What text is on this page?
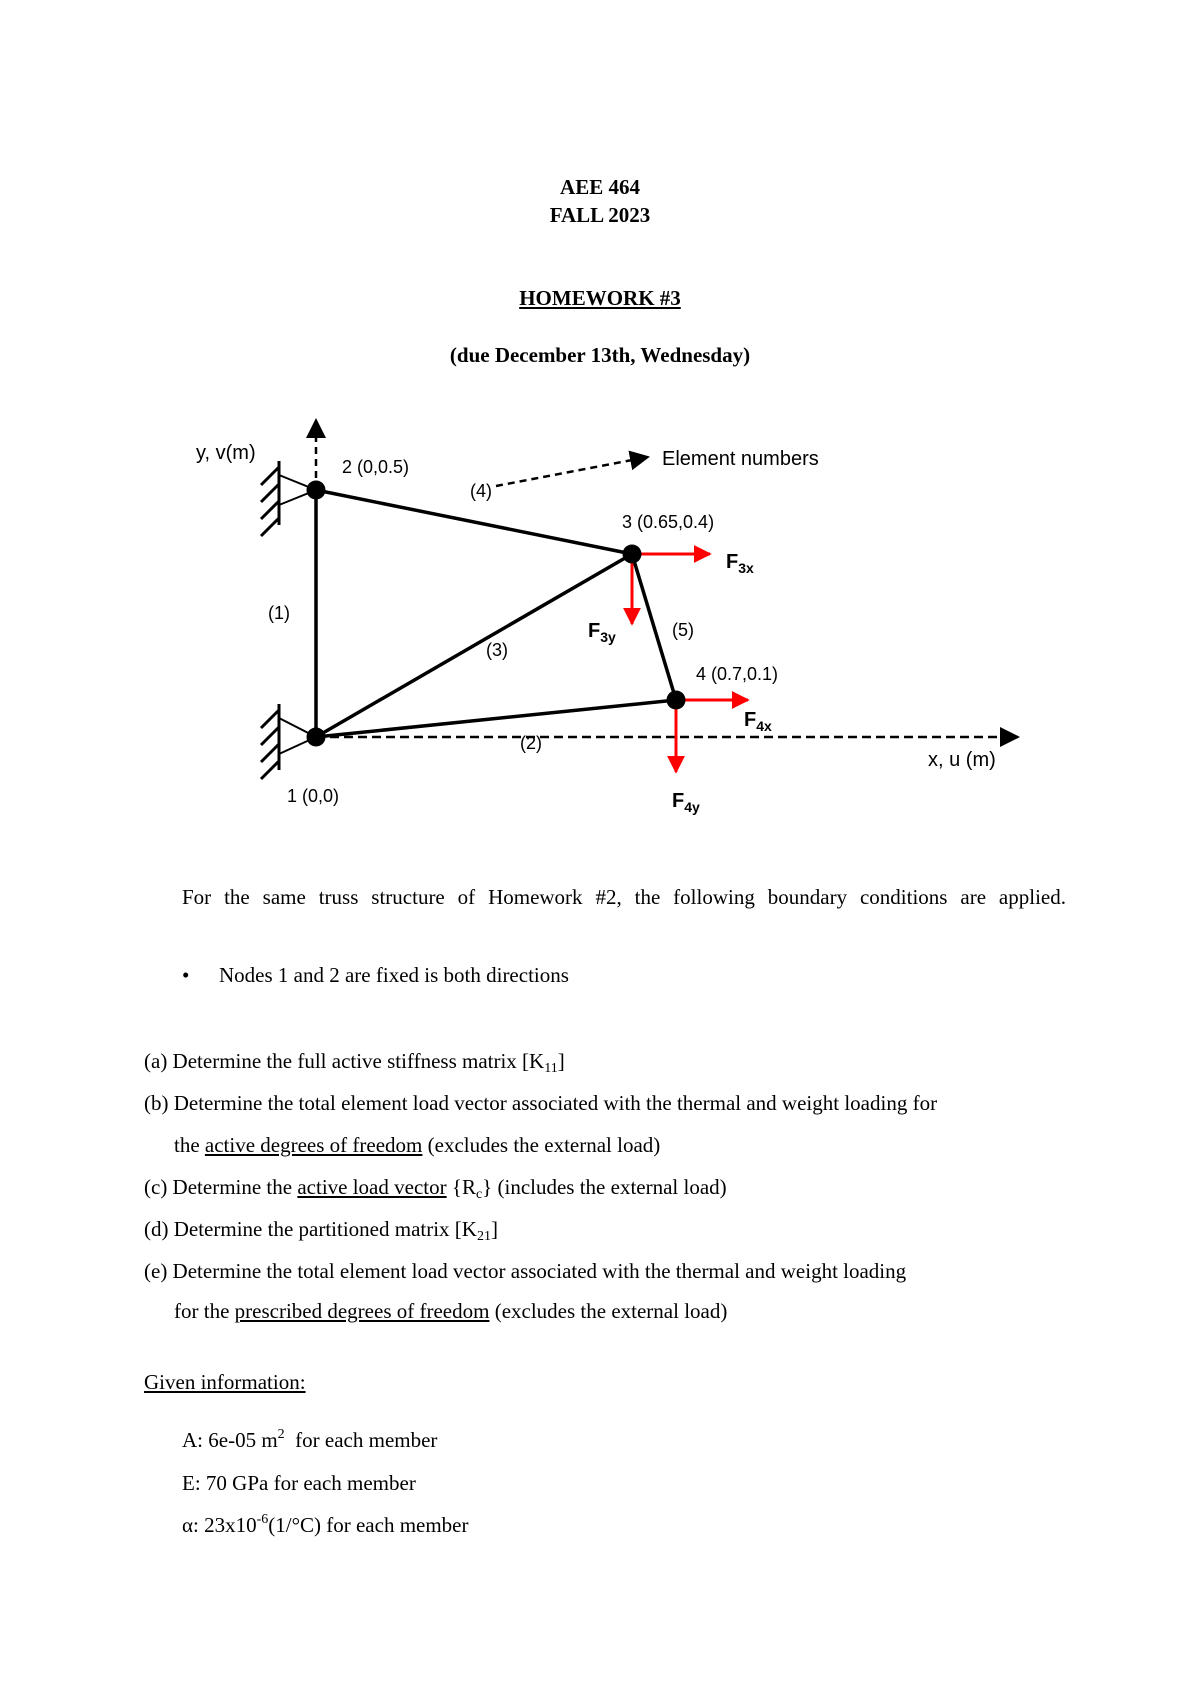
AEE 464
FALL 2023
HOMEWORK #3
(due December 13th, Wednesday)
y, v(m)
x, u (m)
Element numbers
2 (0,0.5)
3 (0.65,0.4)
4 (0.7,0.1)
1 (0,0)
(1)
(2)
(3)
(4)
(5)
$F_{3x}$
$F_{3y}$
$F_{4x}$
$F_{4y}$
For the same truss structure of Homework #2, the following boundary conditions are applied.
• Nodes 1 and 2 are fixed is both directions
(a) Determine the full active stiffness matrix $[K_{11}]$
(b) Determine the total element load vector associated with the thermal and weight loading for
the active degrees of freedom (excludes the external load)
(c) Determine the active load vector $\{R_c\}$ (includes the external load)
(d) Determine the partitioned matrix $[K_{21}]$
(e) Determine the total element load vector associated with the thermal and weight loading
for the prescribed degrees of freedom (excludes the external load)
Given information:
A: 6e-05 $m^2$  for each member
E: 70 GPa for each member
α: $23x10^{-6}(1/^\circ C)$ for each member
